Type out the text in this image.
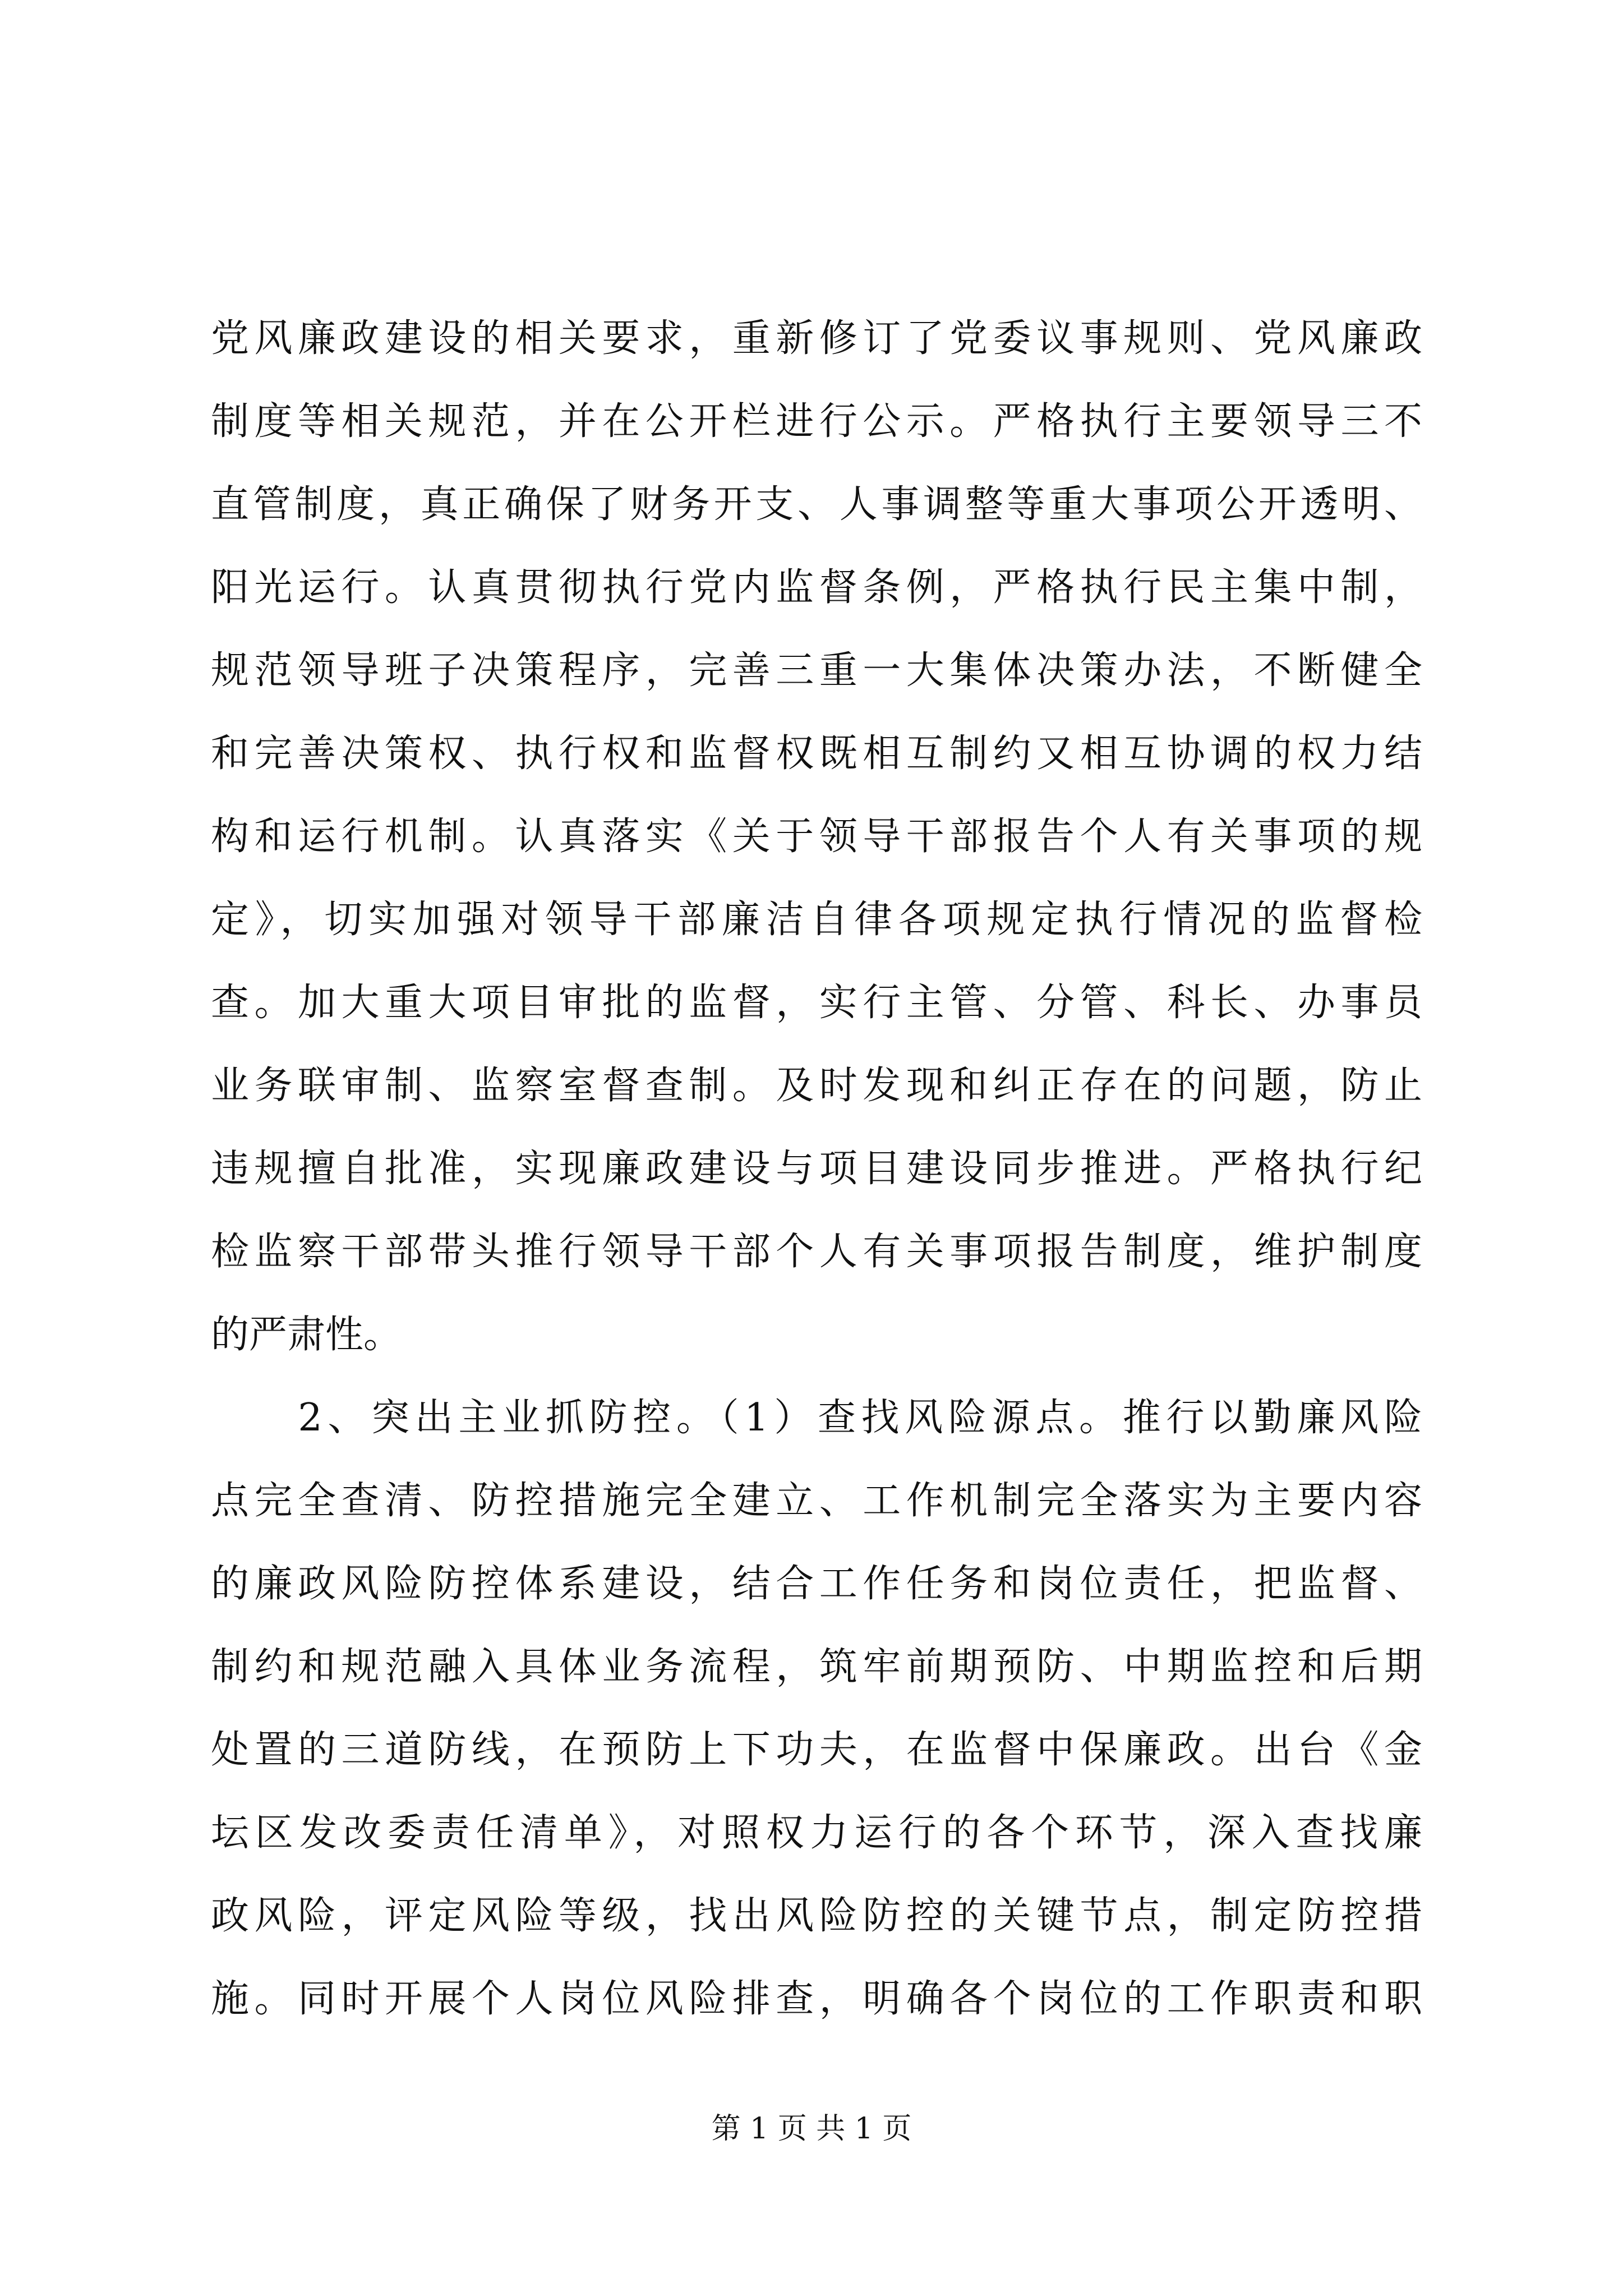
党风廉政建设的相关要求，重新修订了党委议事规则、党风廉政
制度等相关规范，并在公开栏进行公示。严格执行主要领导三不
直管制度，真正确保了财务开支、人事调整等重大事项公开透明、
阳光运行。认真贯彻执行党内监督条例，严格执行民主集中制，
规范领导班子决策程序，完善三重一大集体决策办法，不断健全
和完善决策权、执行权和监督权既相互制约又相互协调的权力结
构和运行机制。认真落实《关于领导干部报告个人有关事项的规
定》，切实加强对领导干部廉洁自律各项规定执行情况的监督检
查。加大重大项目审批的监督，实行主管、分管、科长、办事员
业务联审制、监察室督查制。及时发现和纠正存在的问题，防止
违规擅自批准，实现廉政建设与项目建设同步推进。严格执行纪
检监察干部带头推行领导干部个人有关事项报告制度，维护制度
的严肃性。
　　2、突出主业抓防控。（1）查找风险源点。推行以勤廉风险
点完全查清、防控措施完全建立、工作机制完全落实为主要内容
的廉政风险防控体系建设，结合工作任务和岗位责任，把监督、
制约和规范融入具体业务流程，筑牢前期预防、中期监控和后期
处置的三道防线，在预防上下功夫，在监督中保廉政。出台《金
坛区发改委责任清单》，对照权力运行的各个环节，深入查找廉
政风险，评定风险等级，找出风险防控的关键节点，制定防控措
施。同时开展个人岗位风险排查，明确各个岗位的工作职责和职
第 1 页 共 1 页
